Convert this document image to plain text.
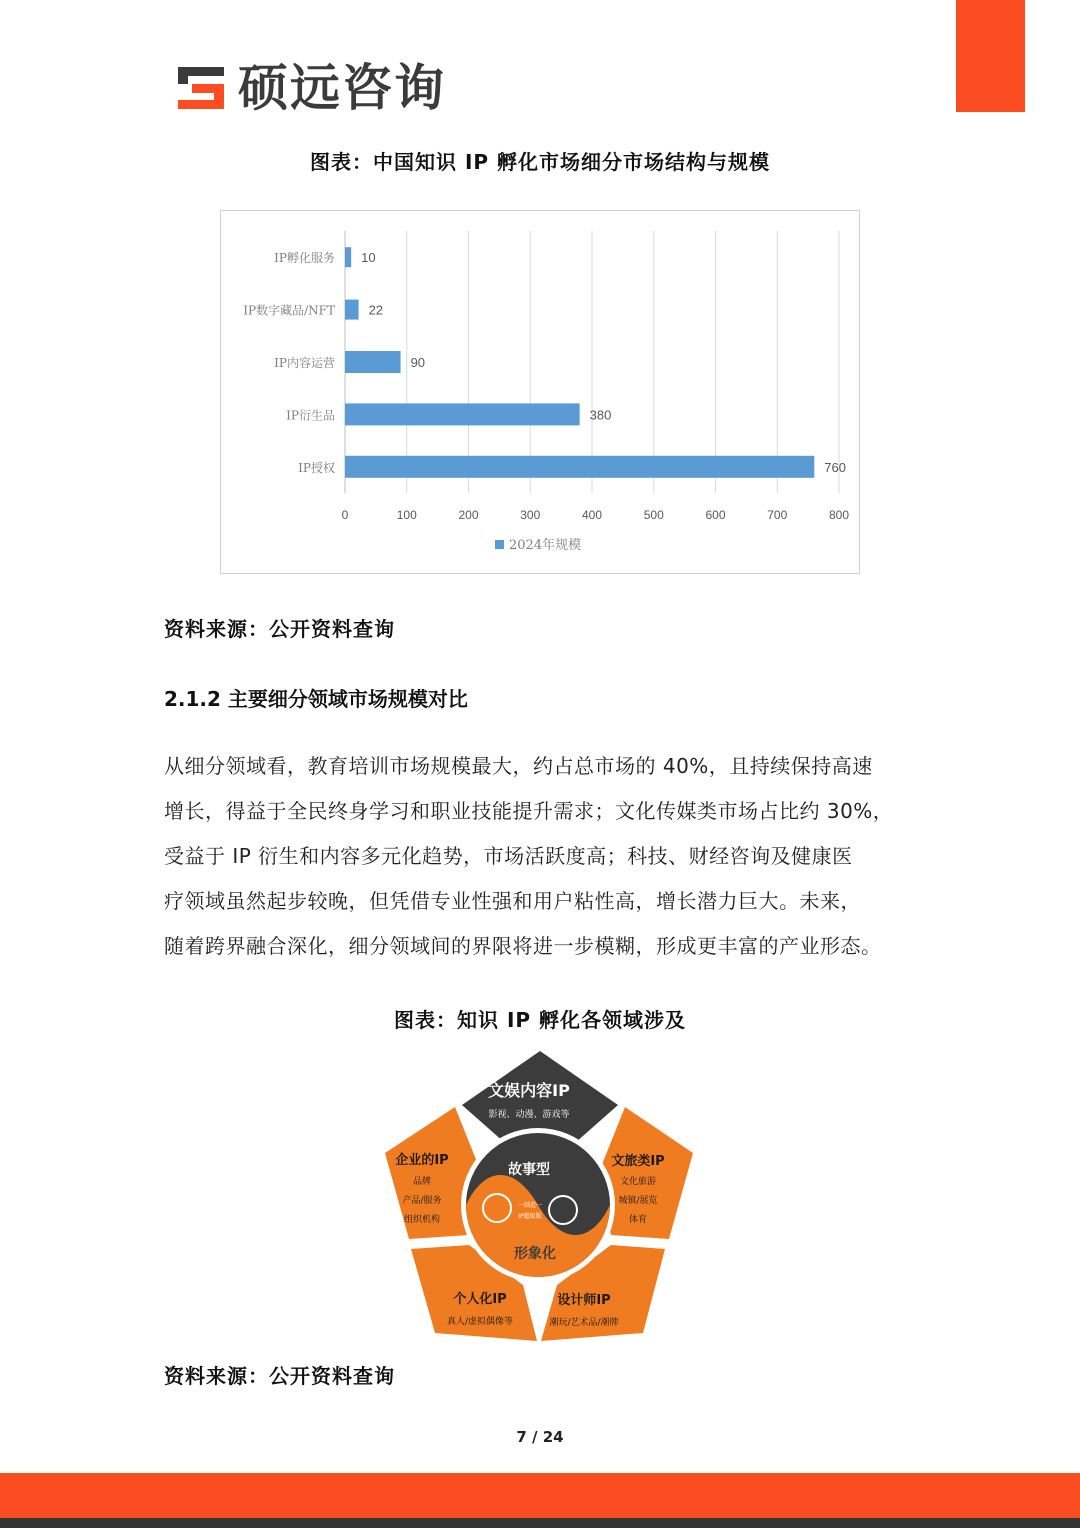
硕远咨询
图表：中国知识 IP 孵化市场细分市场结构与规模
0	100	200	300	400	500	600	700	800
IP孵化服务 10
IP数字藏品/NFT	22
IP内容运营	90
IP衍生品	380
IP授权	760
2024年规模
资料来源：公开资料查询
2.1.2 主要细分领域市场规模对比
从细分领域看，教育培训市场规模最大，约占总市场的 40%，且持续保持高速
增长，得益于全民终身学习和职业技能提升需求；文化传媒类市场占比约 30%，
受益于 IP 衍生和内容多元化趋势，市场活跃度高；科技、财经咨询及健康医
疗领域虽然起步较晚，但凭借专业性强和用户粘性高，增长潜力巨大。未来，
随着跨界融合深化，细分领域间的界限将进一步模糊，形成更丰富的产业形态。
图表：知识 IP 孵化各领域涉及
故事型
形象化
一制造一
IP超级版
文娱内容IP
影视、动漫、游戏等
文旅类IP
文化旅游
城镇/展览
体育
设计师IP
潮玩/艺术品/潮牌
个人化IP
真人/虚拟偶像等
企业的IP
品牌
产品/服务
组织机构
资料来源：公开资料查询
7 / 24
